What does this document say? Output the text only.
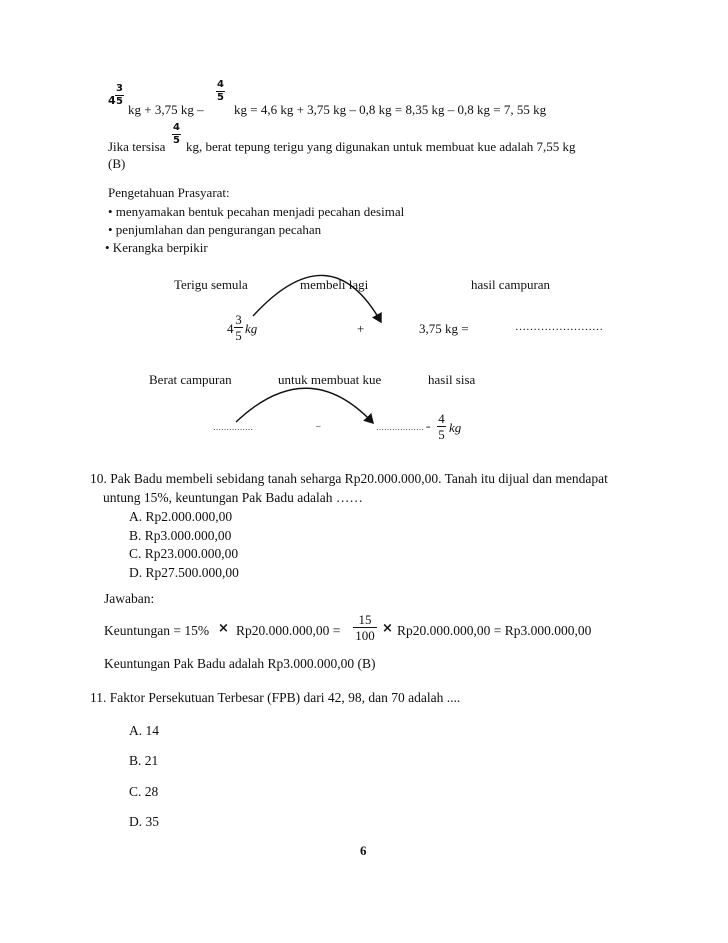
4
3
5
kg + 3,75 kg –
4
5
kg = 4,6 kg + 3,75 kg – 0,8 kg = 8,35 kg – 0,8 kg = 7, 55 kg
Jika tersisa
4
5 kg, berat tepung terigu yang digunakan untuk membuat kue adalah 7,55 kg
(B)
Pengetahuan Prasyarat:
• menyamakan bentuk pecahan menjadi pecahan desimal
• penjumlahan dan pengurangan pecahan
• Kerangka berpikir
Terigu semula	membeli lagi	hasil campuran
4
3
5 kg	+	3,75 kg =	……………………
Berat campuran	untuk membuat kue	hasil sisa
……………	–	……………… =
4
5 kg
10. Pak Badu membeli sebidang tanah seharga Rp20.000.000,00. Tanah itu dijual dan mendapat
untung 15%, keuntungan Pak Badu adalah ……
A. Rp2.000.000,00
B. Rp3.000.000,00
C. Rp23.000.000,00
D. Rp27.500.000,00
Jawaban:
Keuntungan = 15% × Rp20.000.000,00 =
15
100 × Rp20.000.000,00 = Rp3.000.000,00
Keuntungan Pak Badu adalah Rp3.000.000,00 (B)
11. Faktor Persekutuan Terbesar (FPB) dari 42, 98, dan 70 adalah ....
A. 14
B. 21
C. 28
D. 35
6
